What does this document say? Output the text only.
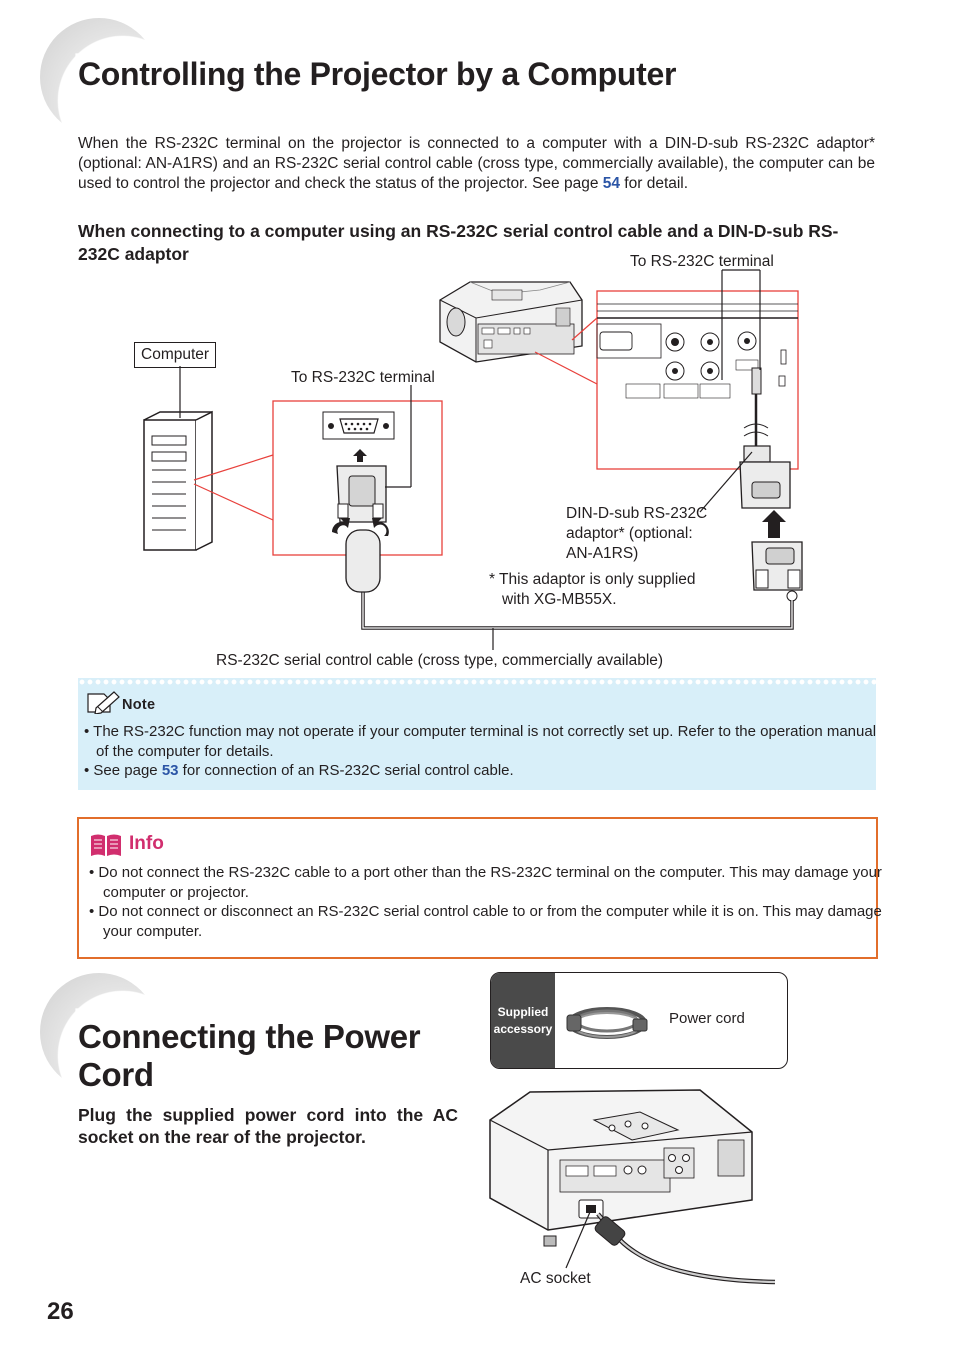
Controlling the Projector by a Computer
When the RS-232C terminal on the projector is connected to a computer with a DIN-D-sub RS-232C adaptor* (optional: AN-A1RS) and an RS-232C serial control cable (cross type, commercially available), the computer can be used to control the projector and check the status of the projector. See page 54 for detail.
When connecting to a computer using an RS-232C serial control cable and a DIN-D-sub RS-232C adaptor	To RS-232C terminal
Computer
To RS-232C terminal
DIN-D-sub RS-232C
adaptor* (optional:
AN-A1RS)
* This adaptor is only supplied
with XG-MB55X.
RS-232C serial control cable (cross type, commercially available)
Note
• The RS-232C function may not operate if your computer terminal is not correctly set up. Refer to the operation manual of the computer for details.
• See page 53 for connection of an RS-232C serial control cable.
Info
• Do not connect the RS-232C cable to a port other than the RS-232C terminal on the computer. This may damage your computer or projector.
• Do not connect or disconnect an RS-232C serial control cable to or from the computer while it is on. This may damage your computer.
Connecting the Power
Cord
Plug the supplied power cord into the AC socket on the rear of the projector.
Supplied
accessory
Power cord
AC socket
26
